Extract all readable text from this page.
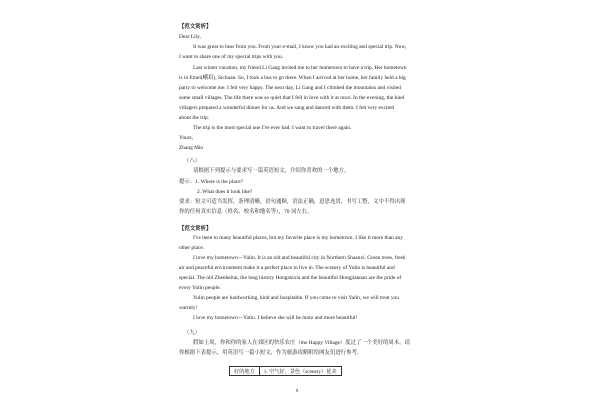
【范文赏析】
Dear Lily,
It was great to hear from you. From your e-mail, I know you had an exciting and special trip. Now,
I want to share one of my special trips with you.
Last winter vacation, my friend Li Gang invited me to her hometown to have a trip. Her hometown
is in Emei(峨眉), Sichuan. So, I took a bus to go there. When I arrived at her home, her family held a big
party to welcome me. I felt very happy. The next day, Li Gang and I climbed the mountains and visited
some small villages. The life there was so quiet that I fell in love with it at once. In the evening, the kind
villagers prepared a wonderful dinner for us. And we sang and danced with them. I felt very excited
about the trip.
The trip is the most special one I've ever had. I want to travel there again.
Yours,
Zhang Min
（八）
请根据下列提示与要求写一篇英语短文，介绍你喜欢的一个地方。
提示：1. Where is the place?
2. What does it look like?
要求：短文可适当发挥，条理清晰，语句通顺，语法正确，意思连贯，书写工整，文中不得出现
你的任何真实信息（姓名、校名和地名等），70 词左右。
【范文赏析】
I've been to many beautiful places, but my favorite place is my hometown. I like it more than any
other place.
I love my hometown—Yulin. It is an old and beautiful city in Northern Shaanxi. Green trees, fresh
air and peaceful environment make it a perfect place to live in. The scenery of Yulin is beautiful and
special. The old Zhenbeitai, the long history Hongshixia and the beautiful Hongjiannao are the pride of
every Yulin people.
Yulin people are hardworking, kind and hospitable. If you come to visit Yulin, we will treat you
warmly!
I love my hometown—Yulin. I believe she will be more and more beautiful!
（九）
假如上周，你和你的家人在郊区的快乐农庄（the Happy Village）度过了一个美好的周末。请
你根据下表提示，用英语写一篇小短文，作为旅游攻略附给网友们进行参考。
好的地方	1. 空气好，景色（scenery）优美
8
